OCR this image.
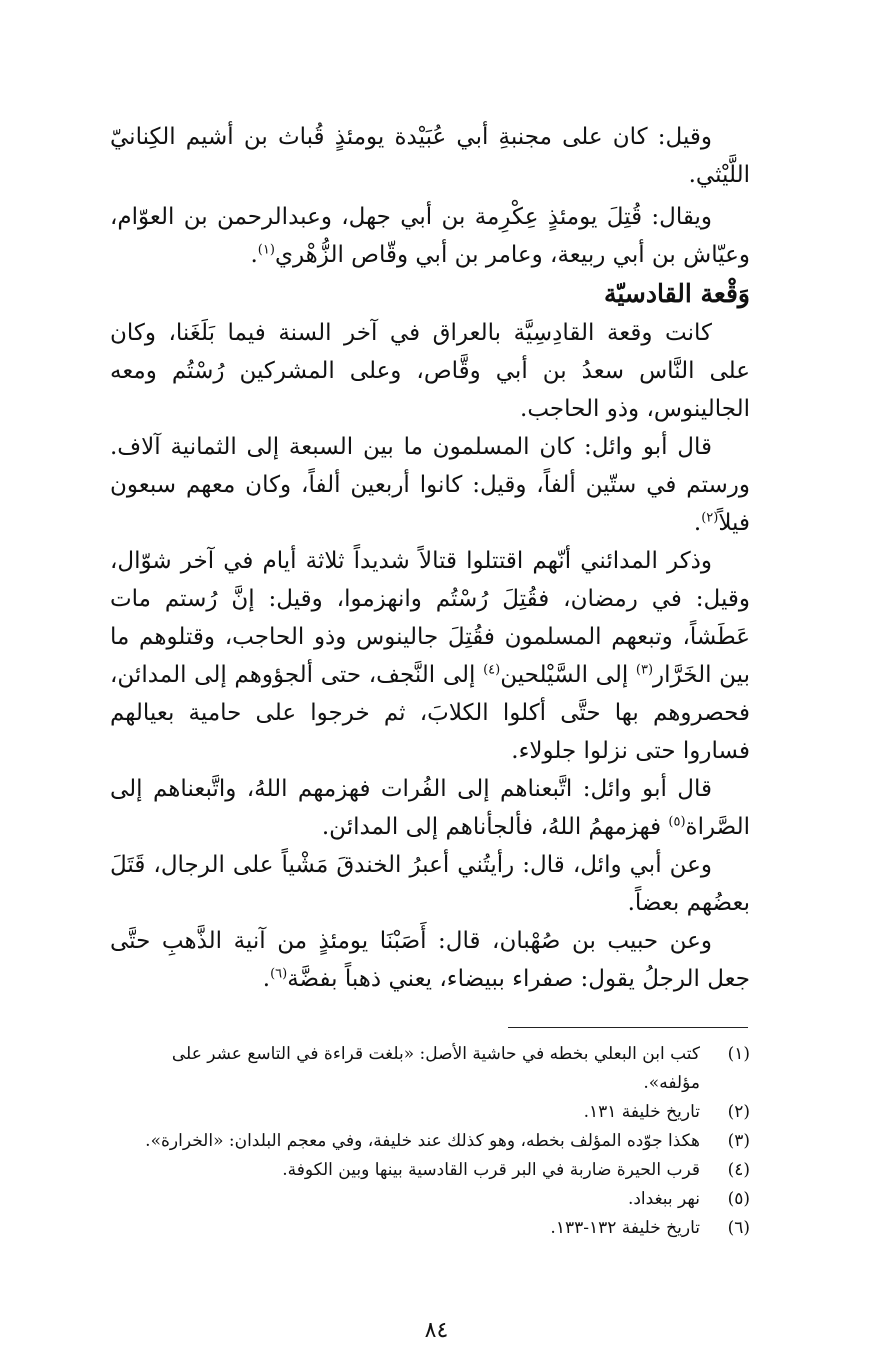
وقيل: كان على مجنبةِ أبي عُبَيْدة يومئذٍ قُباث بن أشيم الكِنانيّ اللَّيْثي.

ويقال: قُتِلَ يومئذٍ عِكْرِمة بن أبي جهل، وعبدالرحمن بن العوّام، وعيّاش بن أبي ربيعة، وعامر بن أبي وقّاص الزُّهْري$^{(١)}$.

وَقْعة القادسيّة

كانت وقعة القادِسِيَّة بالعراق في آخر السنة فيما بَلَغَنا، وكان على النَّاس سعدُ بن أبي وقَّاص، وعلى المشركين رُسْتُم ومعه الجالينوس، وذو الحاجب.

قال أبو وائل: كان المسلمون ما بين السبعة إلى الثمانية آلاف. ورستم في ستّين ألفاً، وقيل: كانوا أربعين ألفاً، وكان معهم سبعون فيلاً$^{(٢)}$.

وذكر المدائني أنّهم اقتتلوا قتالاً شديداً ثلاثة أيام في آخر شوّال، وقيل: في رمضان، فقُتِلَ رُسْتُم وانهزموا، وقيل: إنَّ رُستم مات عَطَشاً، وتبعهم المسلمون فقُتِلَ جالينوس وذو الحاجب، وقتلوهم ما بين الخَرَّار$^{(٣)}$ إلى السَّيْلحين$^{(٤)}$ إلى النَّجف، حتى ألجؤوهم إلى المدائن، فحصروهم بها حتَّى أكلوا الكلابَ، ثم خرجوا على حامية بعيالهم فساروا حتى نزلوا جلولاء.

قال أبو وائل: اتَّبعناهم إلى الفُرات فهزمهم اللهُ، واتَّبعناهم إلى الصَّراة$^{(٥)}$ فهزمهمُ اللهُ، فألجأناهم إلى المدائن.

وعن أبي وائل، قال: رأيتُني أعبرُ الخندقَ مَشْياً على الرجال، قَتَلَ بعضُهم بعضاً.

وعن حبيب بن صُهْبان، قال: أَصَبْنَا يومئذٍ من آنية الذَّهبِ حتَّى جعل الرجلُ يقول: صفراء ببيضاء، يعني ذهباً بفضَّة$^{(٦)}$.

(١)
كتب ابن البعلي بخطه في حاشية الأصل: «بلغت قراءة في التاسع عشر على مؤلفه».
(٢)
تاريخ خليفة ١٣١.
(٣)
هكذا جوّده المؤلف بخطه، وهو كذلك عند خليفة، وفي معجم البلدان: «الخرارة».
(٤)
قرب الحيرة ضاربة في البر قرب القادسية بينها وبين الكوفة.
(٥)
نهر ببغداد.
(٦)
تاريخ خليفة ١٣٢-١٣٣.
٨٤
